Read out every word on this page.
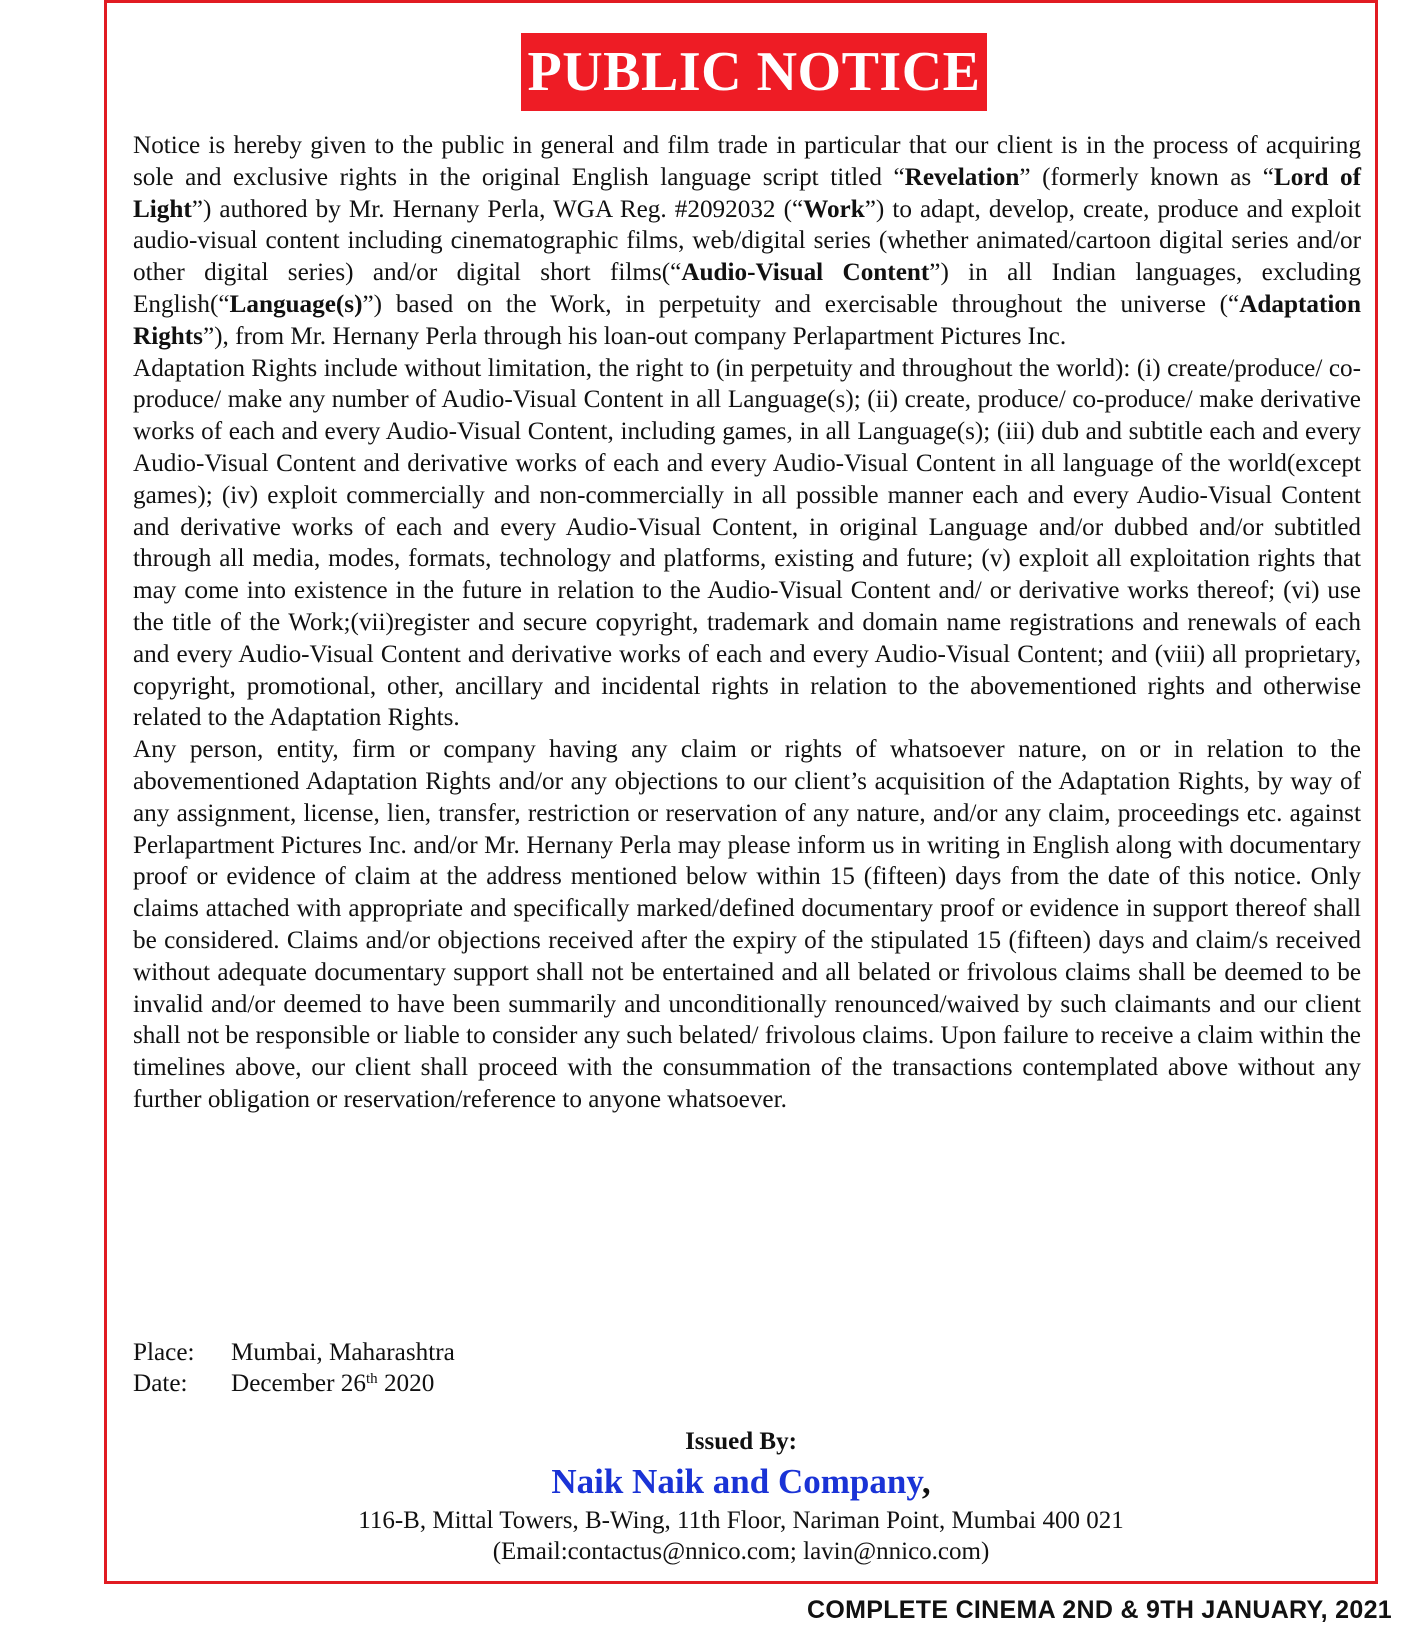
PUBLIC NOTICE

Notice is hereby given to the public in general and film trade in particular that our client is in the process of acquiring sole and exclusive rights in the original English language script titled “Revelation” (formerly known as “Lord of Light”) authored by Mr. Hernany Perla, WGA Reg. #2092032 (“Work”) to adapt, develop, create, produce and exploit audio-visual content including cinematographic films, web/digital series (whether animated/cartoon digital series and/or other digital series) and/or digital short films(“Audio-Visual Content”) in all Indian languages, excluding English(“Language(s)”) based on the Work, in perpetuity and exercisable throughout the universe (“Adaptation Rights”), from Mr. Hernany Perla through his loan-out company Perlapartment Pictures Inc.

Adaptation Rights include without limitation, the right to (in perpetuity and throughout the world): (i) create/produce/ co-produce/ make any number of Audio-Visual Content in all Language(s); (ii) create, produce/ co-produce/ make derivative works of each and every Audio-Visual Content, including games, in all Language(s); (iii) dub and subtitle each and every Audio-Visual Content and derivative works of each and every Audio-Visual Content in all language of the world(except games); (iv) exploit commercially and non-commercially in all possible manner each and every Audio-Visual Content and derivative works of each and every Audio-Visual Content, in original Language and/or dubbed and/or subtitled through all media, modes, formats, technology and platforms, existing and future; (v) exploit all exploitation rights that may come into existence in the future in relation to the Audio-Visual Content and/ or derivative works thereof; (vi) use the title of the Work;(vii)register and secure copyright, trademark and domain name registrations and renewals of each and every Audio-Visual Content and derivative works of each and every Audio-Visual Content; and (viii) all proprietary, copyright, promotional, other, ancillary and incidental rights in relation to the abovementioned rights and otherwise related to the Adaptation Rights.

Any person, entity, firm or company having any claim or rights of whatsoever nature, on or in relation to the abovementioned Adaptation Rights and/or any objections to our client’s acquisition of the Adaptation Rights, by way of any assignment, license, lien, transfer, restriction or reservation of any nature, and/or any claim, proceedings etc. against Perlapartment Pictures Inc. and/or Mr. Hernany Perla may please inform us in writing in English along with documentary proof or evidence of claim at the address mentioned below within 15 (fifteen) days from the date of this notice. Only claims attached with appropriate and specifically marked/defined documentary proof or evidence in support thereof shall be considered. Claims and/or objections received after the expiry of the stipulated 15 (fifteen) days and claim/s received without adequate documentary support shall not be entertained and all belated or frivolous claims shall be deemed to be invalid and/or deemed to have been summarily and unconditionally renounced/waived by such claimants and our client shall not be responsible or liable to consider any such belated/ frivolous claims. Upon failure to receive a claim within the timelines above, our client shall proceed with the consummation of the transactions contemplated above without any further obligation or reservation/reference to anyone whatsoever.

Place:	Mumbai, Maharashtra
Date:	December 26th 2020
Issued By:
Naik Naik and Company,
116-B, Mittal Towers, B-Wing, 11th Floor, Nariman Point, Mumbai 400 021
(Email:contactus@nnico.com; lavin@nnico.com)
COMPLETE CINEMA 2ND & 9TH JANUARY, 2021
